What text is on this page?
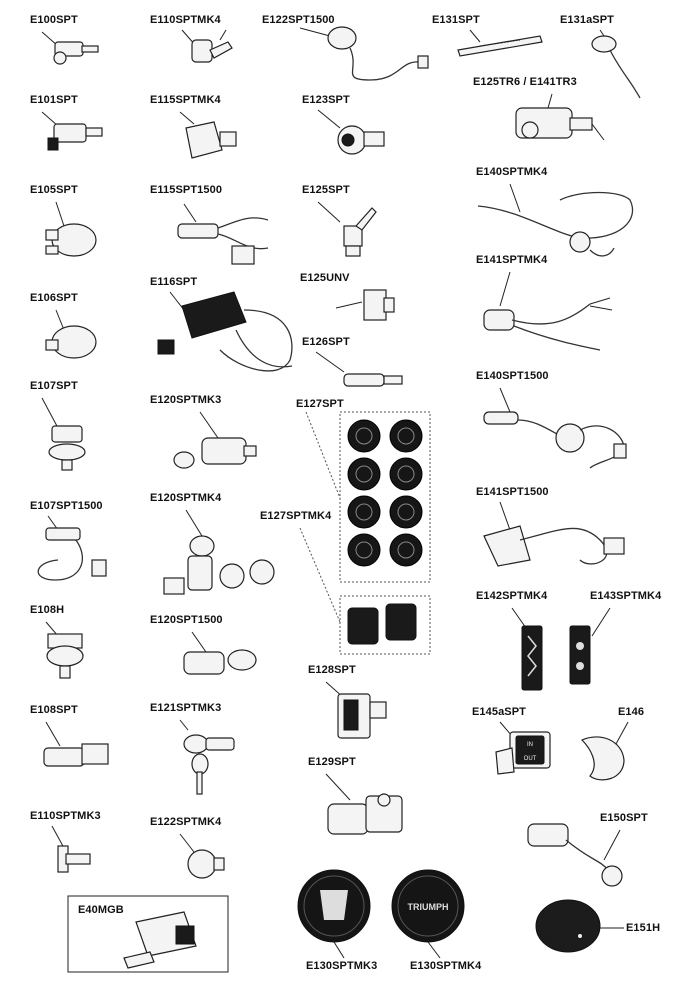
E100SPT	E110SPTMK4	E122SPT1500	E131SPT	E131aSPT
E125TR6 / E141TR3
E101SPT	E115SPTMK4	E123SPT
E140SPTMK4
E105SPT	E115SPT1500	E125SPT
E141SPTMK4
E125UNV
E106SPT
E116SPT
E126SPT
E140SPT1500
E107SPT
E120SPTMK3	E127SPT
E120SPTMK4
E107SPT1500
E141SPT1500
E127SPTMK4
E108H
E120SPT1500
E142SPTMK4	E143SPTMK4
E128SPT
E108SPT	E121SPTMK3	E145aSPT	E146
E129SPT
E110SPTMK3	E122SPTMK4	E150SPT
E40MGB
E151H
E130SPTMK3	E130SPTMK4
IN
OUT
TRIUMPH
